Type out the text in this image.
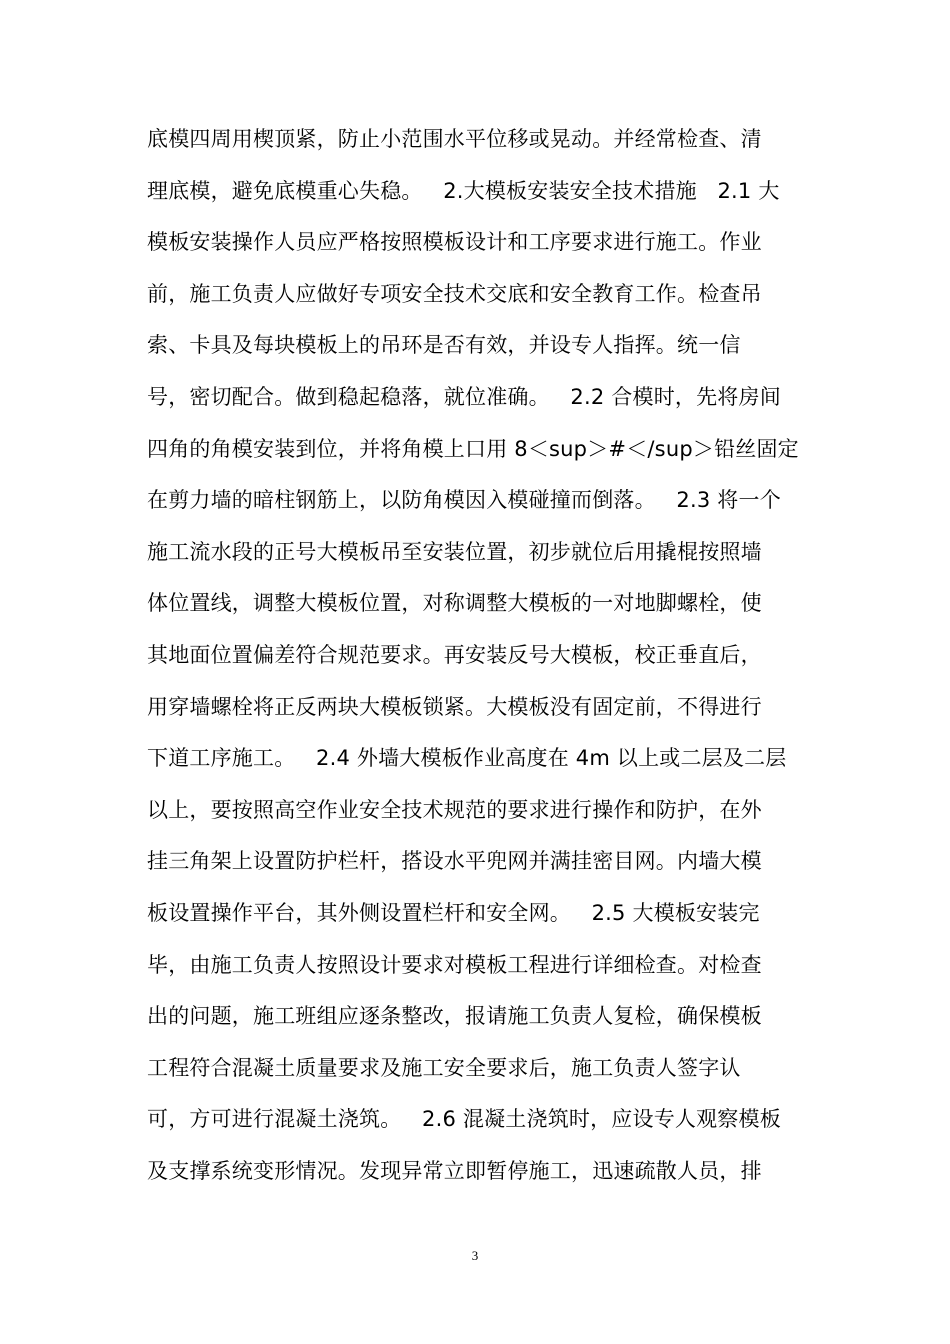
底模四周用楔顶紧，防止小范围水平位移或晃动。并经常检查、清
理底模，避免底模重心失稳。   2.大模板安装安全技术措施   2.1 大
模板安装操作人员应严格按照模板设计和工序要求进行施工。作业
前，施工负责人应做好专项安全技术交底和安全教育工作。检查吊
索、卡具及每块模板上的吊环是否有效，并设专人指挥。统一信
号，密切配合。做到稳起稳落，就位准确。   2.2 合模时，先将房间
四角的角模安装到位，并将角模上口用 8＜sup＞#＜/sup＞铅丝固定
在剪力墙的暗柱钢筋上，以防角模因入模碰撞而倒落。   2.3 将一个
施工流水段的正号大模板吊至安装位置，初步就位后用撬棍按照墙
体位置线，调整大模板位置，对称调整大模板的一对地脚螺栓，使
其地面位置偏差符合规范要求。再安装反号大模板，校正垂直后，
用穿墙螺栓将正反两块大模板锁紧。大模板没有固定前，不得进行
下道工序施工。   2.4 外墙大模板作业高度在 4m 以上或二层及二层
以上，要按照高空作业安全技术规范的要求进行操作和防护，在外
挂三角架上设置防护栏杆，搭设水平兜网并满挂密目网。内墙大模
板设置操作平台，其外侧设置栏杆和安全网。   2.5 大模板安装完
毕，由施工负责人按照设计要求对模板工程进行详细检查。对检查
出的问题，施工班组应逐条整改，报请施工负责人复检，确保模板
工程符合混凝土质量要求及施工安全要求后，施工负责人签字认
可，方可进行混凝土浇筑。   2.6 混凝土浇筑时，应设专人观察模板
及支撑系统变形情况。发现异常立即暂停施工，迅速疏散人员，排
3
